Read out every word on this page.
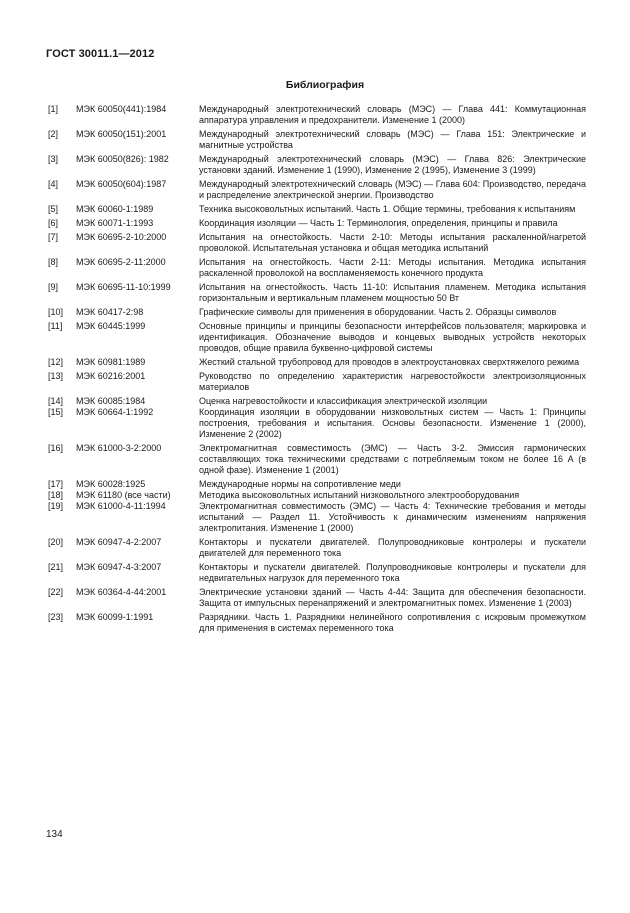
ГОСТ 30011.1—2012
Библиография
[1]	МЭК 60050(441):1984	Международный электротехнический словарь (МЭС) — Глава 441: Коммутационная аппаратура управления и предохранители. Изменение 1 (2000)
[2]	МЭК 60050(151):2001	Международный электротехнический словарь (МЭС) — Глава 151: Электрические и магнитные устройства
[3]	МЭК 60050(826): 1982	Международный электротехнический словарь (МЭС) — Глава 826: Электрические установки зданий. Изменение 1 (1990), Изменение 2 (1995), Изменение 3 (1999)
[4]	МЭК 60050(604):1987	Международный электротехнический словарь (МЭС) — Глава 604: Производство, передача и распределение электрической энергии. Производство
[5]	МЭК 60060-1:1989	Техника высоковольтных испытаний. Часть 1. Общие термины, требования к испытаниям
[6]	МЭК 60071-1:1993	Координация изоляции — Часть 1: Терминология, определения, принципы и правила
[7]	МЭК 60695-2-10:2000	Испытания на огнестойкость. Части 2-10: Методы испытания раскаленной/нагретой проволокой. Испытательная установка и общая методика испытаний
[8]	МЭК 60695-2-11:2000	Испытания на огнестойкость. Части 2-11: Методы испытания. Методика испытания раскаленной проволокой на воспламеняемость конечного продукта
[9]	МЭК 60695-11-10:1999	Испытания на огнестойкость. Часть 11-10: Испытания пламенем. Методика испытания горизонтальным и вертикальным пламенем мощностью 50 Вт
[10]	МЭК 60417-2:98	Графические символы для применения в оборудовании. Часть 2. Образцы символов
[11]	МЭК 60445:1999	Основные принципы и принципы безопасности интерфейсов пользователя; маркировка и идентификация. Обозначение выводов и концевых выводных устройств некоторых проводов, общие правила буквенно-цифровой системы
[12]	МЭК 60981:1989	Жесткий стальной трубопровод для проводов в электроустановках сверхтяжелого режима
[13]	МЭК 60216:2001	Руководство по определению характеристик нагревостойкости электроизоляционных материалов
[14]	МЭК 60085:1984	Оценка нагревостойкости и классификация электрической изоляции
[15]	МЭК 60664-1:1992	Координация изоляции в оборудовании низковольтных систем — Часть 1: Принципы построения, требования и испытания. Основы безопасности. Изменение 1 (2000), Изменение 2 (2002)
[16]	МЭК 61000-3-2:2000	Электромагнитная совместимость (ЭМС) — Часть 3-2. Эмиссия гармонических составляющих тока техническими средствами с потребляемым током не более 16 А (в одной фазе). Изменение 1 (2001)
[17]	МЭК 60028:1925	Международные нормы на сопротивление меди
[18]	МЭК 61180 (все части)	Методика высоковольтных испытаний низковольтного электрооборудования
[19]	МЭК 61000-4-11:1994	Электромагнитная совместимость (ЭМС) — Часть 4: Технические требования и методы испытаний — Раздел 11. Устойчивость к динамическим изменениям напряжения электропитания. Изменение 1 (2000)
[20]	МЭК 60947-4-2:2007	Контакторы и пускатели двигателей. Полупроводниковые контролеры и пускатели двигателей для переменного тока
[21]	МЭК 60947-4-3:2007	Контакторы и пускатели двигателей. Полупроводниковые контролеры и пускатели для недвигательных нагрузок для переменного тока
[22]	МЭК 60364-4-44:2001	Электрические установки зданий — Часть 4-44: Защита для обеспечения безопасности. Защита от импульсных перенапряжений и электромагнитных помех. Изменение 1 (2003)
[23]	МЭК 60099-1:1991	Разрядники. Часть 1. Разрядники нелинейного сопротивления с искровым промежутком для применения в системах переменного тока
134
